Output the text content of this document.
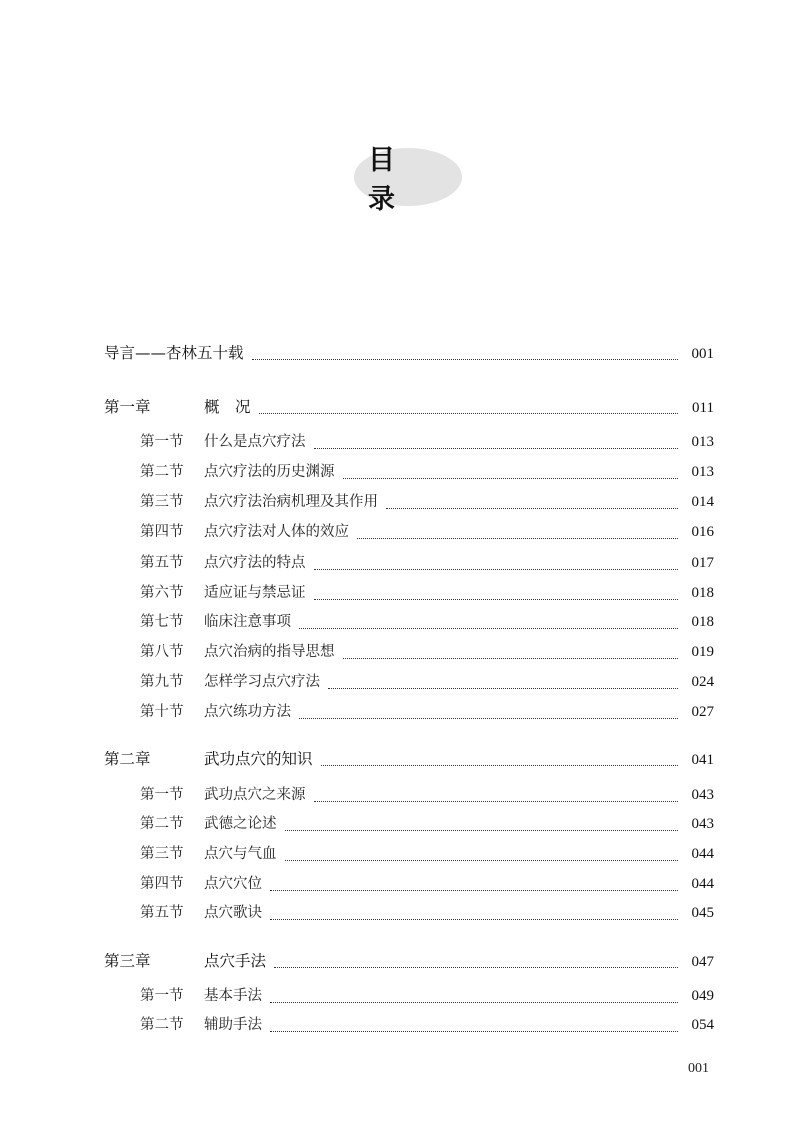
目 录
导言——杏林五十载	001
第一章	概　况	011
第一节	什么是点穴疗法	013
第二节	点穴疗法的历史渊源	013
第三节	点穴疗法治病机理及其作用	014
第四节	点穴疗法对人体的效应	016
第五节	点穴疗法的特点	017
第六节	适应证与禁忌证	018
第七节	临床注意事项	018
第八节	点穴治病的指导思想	019
第九节	怎样学习点穴疗法	024
第十节	点穴练功方法	027
第二章	武功点穴的知识	041
第一节	武功点穴之来源	043
第二节	武德之论述	043
第三节	点穴与气血	044
第四节	点穴穴位	044
第五节	点穴歌诀	045
第三章	点穴手法	047
第一节	基本手法	049
第二节	辅助手法	054
001
